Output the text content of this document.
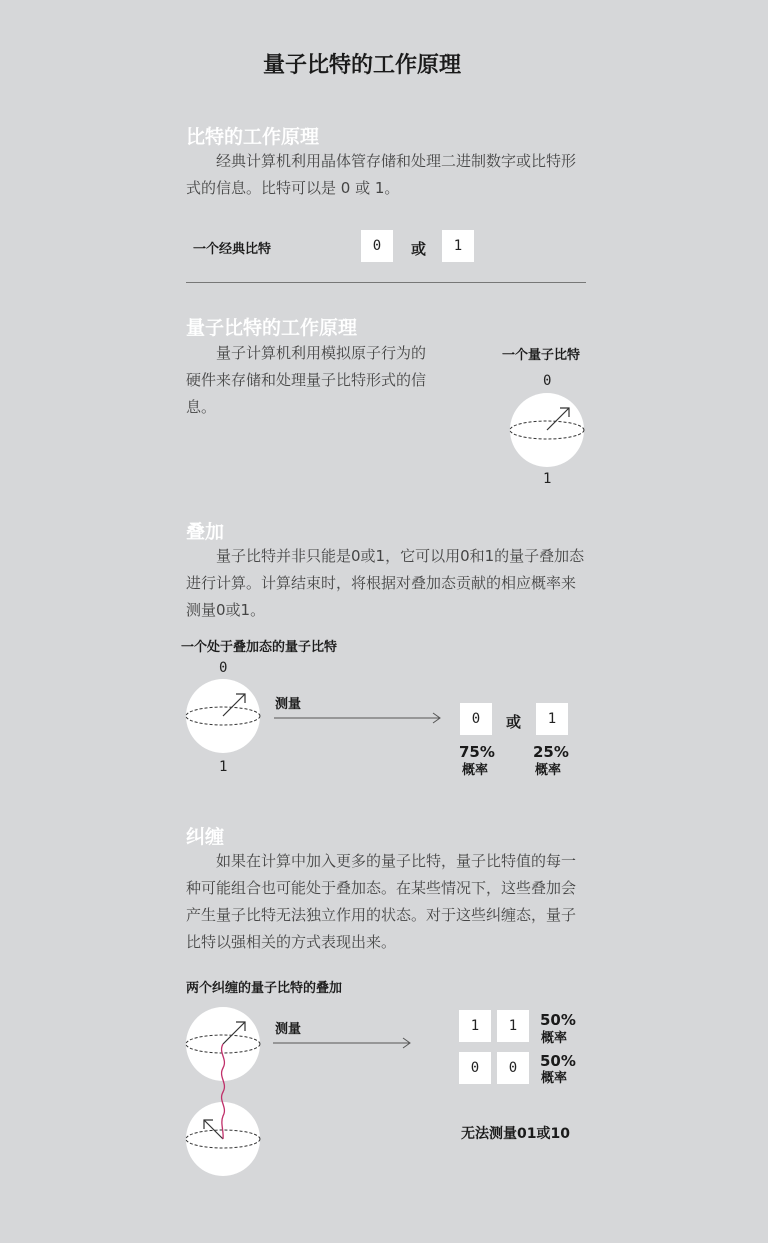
量子比特的工作原理
比特的工作原理
经典计算机利用晶体管存储和处理二进制数字或比特形式的信息。比特可以是 0 或 1。
一个经典比特	0	或	1
量子比特的工作原理
量子计算机利用模拟原子行为的硬件来存储和处理量子比特形式的信息。
一个量子比特
0
1
叠加
量子比特并非只能是0或1，它可以用0和1的量子叠加态进行计算。计算结束时，将根据对叠加态贡献的相应概率来测量0或1。
一个处于叠加态的量子比特
0
1
测量
0	或	1
75%
概率
25%
概率
纠缠
如果在计算中加入更多的量子比特，量子比特值的每一种可能组合也可能处于叠加态。在某些情况下，这些叠加会产生量子比特无法独立作用的状态。对于这些纠缠态，量子比特以强相关的方式表现出来。
两个纠缠的量子比特的叠加
测量	1	1	50%
概率
0	0	50%
概率
无法测量01或10
